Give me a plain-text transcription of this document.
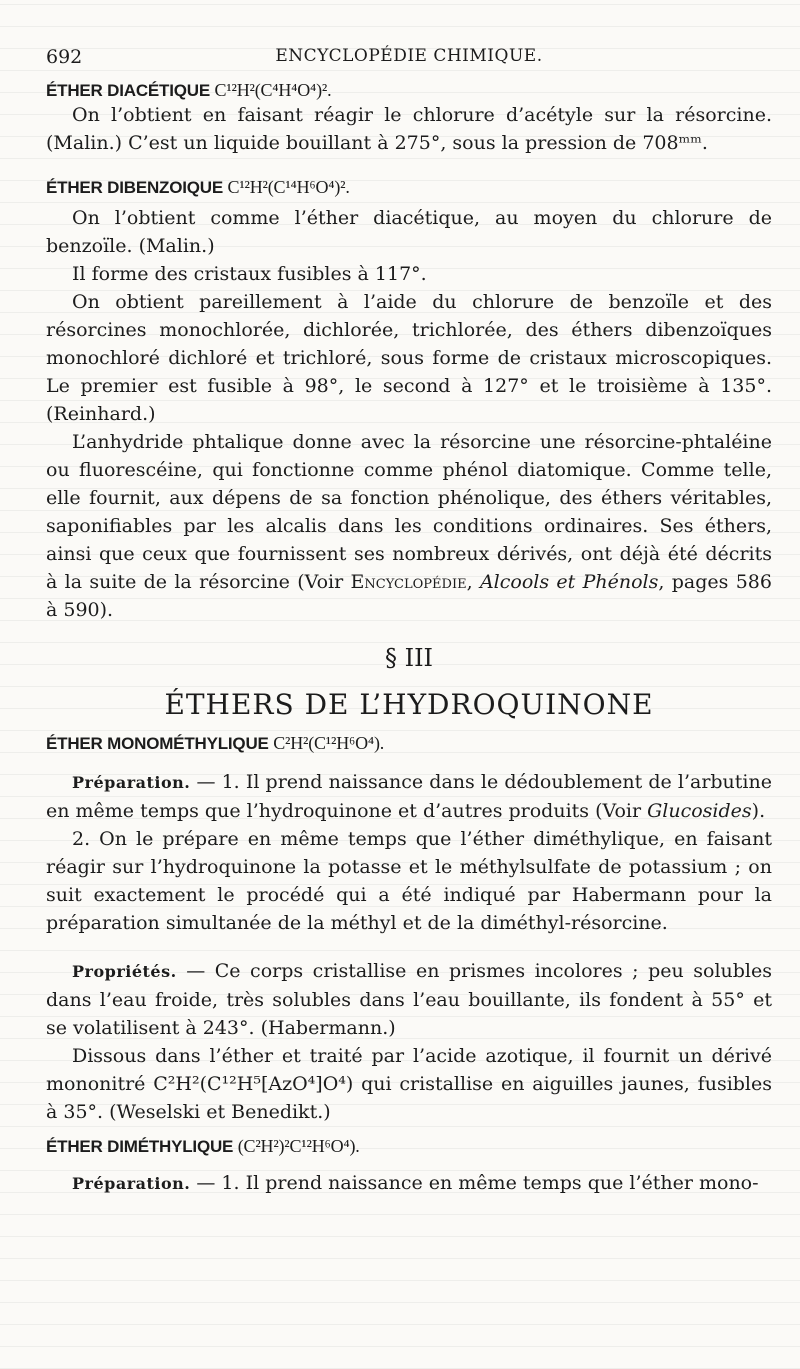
692	ENCYCLOPÉDIE CHIMIQUE.
ÉTHER DIACÉTIQUE C¹²H²(C⁴H⁴O⁴)².

On l’obtient en faisant réagir le chlorure d’acétyle sur la résorcine. (Malin.) C’est un liquide bouillant à 275°, sous la pression de 708ᵐᵐ.

ÉTHER DIBENZOIQUE C¹²H²(C¹⁴H⁶O⁴)².

On l’obtient comme l’éther diacétique, au moyen du chlorure de benzoïle. (Malin.)

Il forme des cristaux fusibles à 117°.

On obtient pareillement à l’aide du chlorure de benzoïle et des résorcines monochlorée, dichlorée, trichlorée, des éthers dibenzoïques monochloré dichloré et trichloré, sous forme de cristaux microscopiques. Le premier est fusible à 98°, le second à 127° et le troisième à 135°. (Reinhard.)

L’anhydride phtalique donne avec la résorcine une résorcine-phtaléine ou fluorescéine, qui fonctionne comme phénol diatomique. Comme telle, elle fournit, aux dépens de sa fonction phénolique, des éthers véritables, saponifiables par les alcalis dans les conditions ordinaires. Ses éthers, ainsi que ceux que fournissent ses nombreux dérivés, ont déjà été décrits à la suite de la résorcine (Voir Encyclopédie, Alcools et Phénols, pages 586 à 590).

§ III
ÉTHERS DE L’HYDROQUINONE
ÉTHER MONOMÉTHYLIQUE C²H²(C¹²H⁶O⁴).

Préparation. — 1. Il prend naissance dans le dédoublement de l’arbutine en même temps que l’hydroquinone et d’autres produits (Voir Glucosides).

2. On le prépare en même temps que l’éther diméthylique, en faisant réagir sur l’hydroquinone la potasse et le méthylsulfate de potassium ; on suit exactement le procédé qui a été indiqué par Habermann pour la préparation simultanée de la méthyl et de la diméthyl-résorcine.

Propriétés. — Ce corps cristallise en prismes incolores ; peu solubles dans l’eau froide, très solubles dans l’eau bouillante, ils fondent à 55° et se volatilisent à 243°. (Habermann.)

Dissous dans l’éther et traité par l’acide azotique, il fournit un dérivé mononitré C²H²(C¹²H⁵[AzO⁴]O⁴) qui cristallise en aiguilles jaunes, fusibles à 35°. (Weselski et Benedikt.)

ÉTHER DIMÉTHYLIQUE (C²H²)²C¹²H⁶O⁴).

Préparation. — 1. Il prend naissance en même temps que l’éther mono-
